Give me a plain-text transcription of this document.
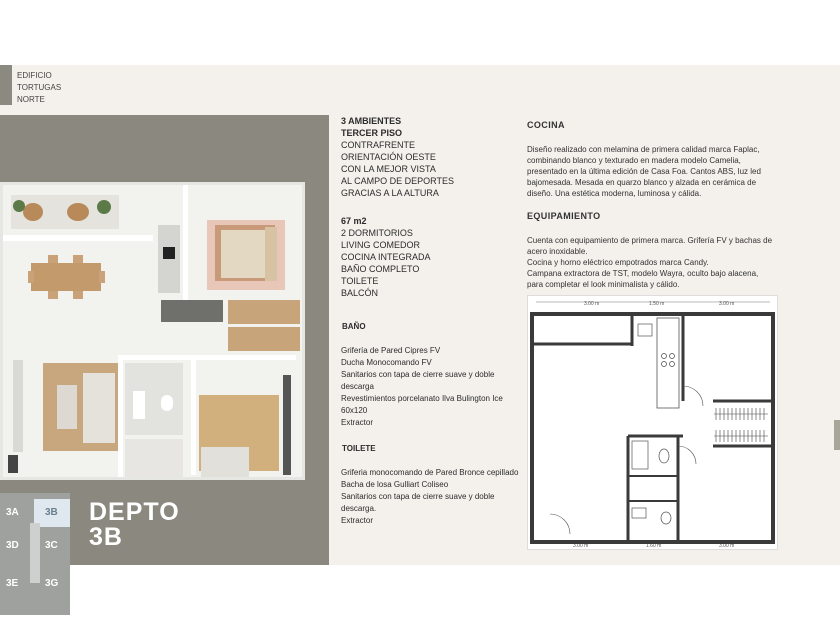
EDIFICIO
TORTUGAS
NORTE
3A	3B
3D	3C
3E	3G
DEPTO
3B
3 AMBIENTES
TERCER PISO
CONTRAFRENTE
ORIENTACIÓN OESTE
CON LA MEJOR VISTA
AL CAMPO DE DEPORTES
GRACIAS A LA ALTURA
67 m2
2 DORMITORIOS
LIVING COMEDOR
COCINA INTEGRADA
BAÑO COMPLETO
TOILETE
BALCÓN
BAÑO
Grifería de Pared Cipres FV
Ducha Monocomando FV
Sanitarios con tapa de cierre suave y doble
descarga
Revestimientos porcelanato Ilva Bulington Ice
60x120
Extractor
TOILETE
Griferia monocomando de Pared Bronce cepillado
Bacha de losa Gulliart Coliseo
Sanitarios con tapa de cierre suave y doble
descarga.
Extractor
COCINA

Diseño realizado con melamina de primera calidad marca Faplac, combinando blanco y texturado en madera modelo Camelia, presentado en la última edición de Casa Foa. Cantos ABS, luz led bajomesada. Mesada en quarzo blanco y alzada en cerámica de diseño. Una estética moderna, luminosa y cálida.

EQUIPAMIENTO
Cuenta con equipamiento de primera marca. Grifería FV y bachas de acero inoxidable.
Cocina y horno eléctrico empotrados marca Candy.
Campana extractora de TST, modelo Wayra, oculto bajo alacena, para completar el look minimalista y cálido.
3.00 m	1.50 m	3.00 m
3.00 m	1.60 m	3.00 m
